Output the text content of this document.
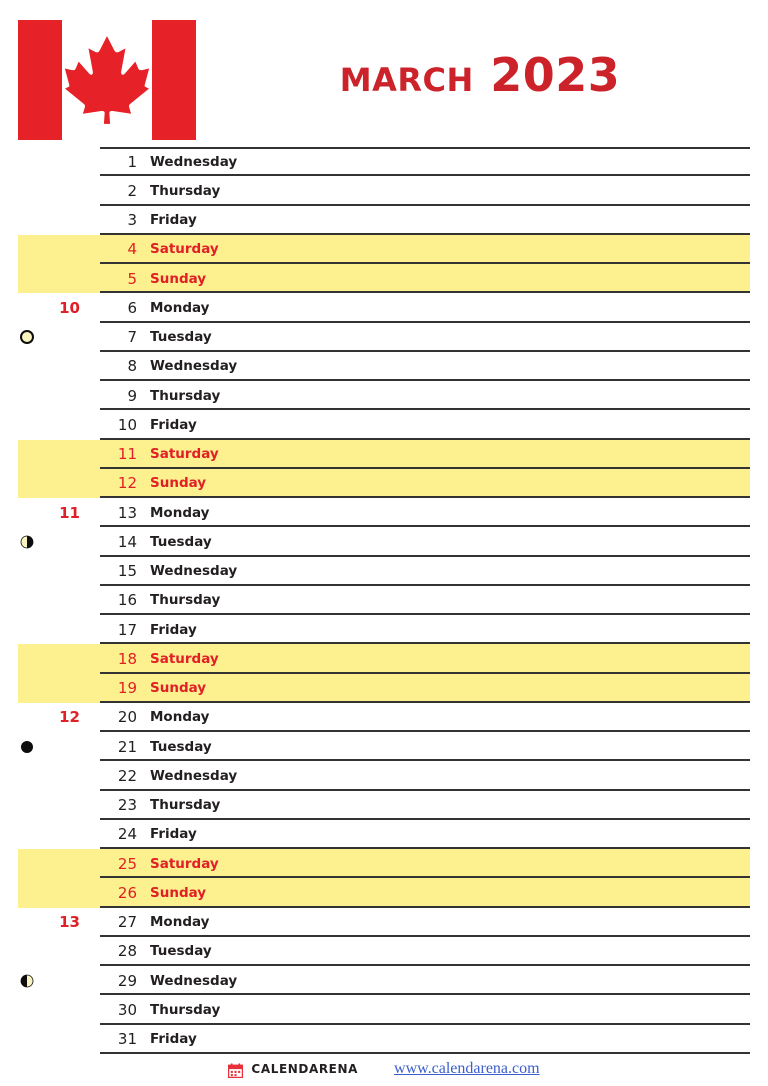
march 2023
1 Wednesday
2 Thursday
3 Friday
4 Saturday
5 Sunday
10	6 Monday
7 Tuesday
8 Wednesday
9 Thursday
10 Friday
11 Saturday
12 Sunday
11	13 Monday
14 Tuesday
15 Wednesday
16 Thursday
17 Friday
18 Saturday
19 Sunday
12	20 Monday
21 Tuesday
22 Wednesday
23 Thursday
24 Friday
25 Saturday
26 Sunday
13	27 Monday
28 Tuesday
29 Wednesday
30 Thursday
31 Friday
CALENDARENA www.calendarena.com
